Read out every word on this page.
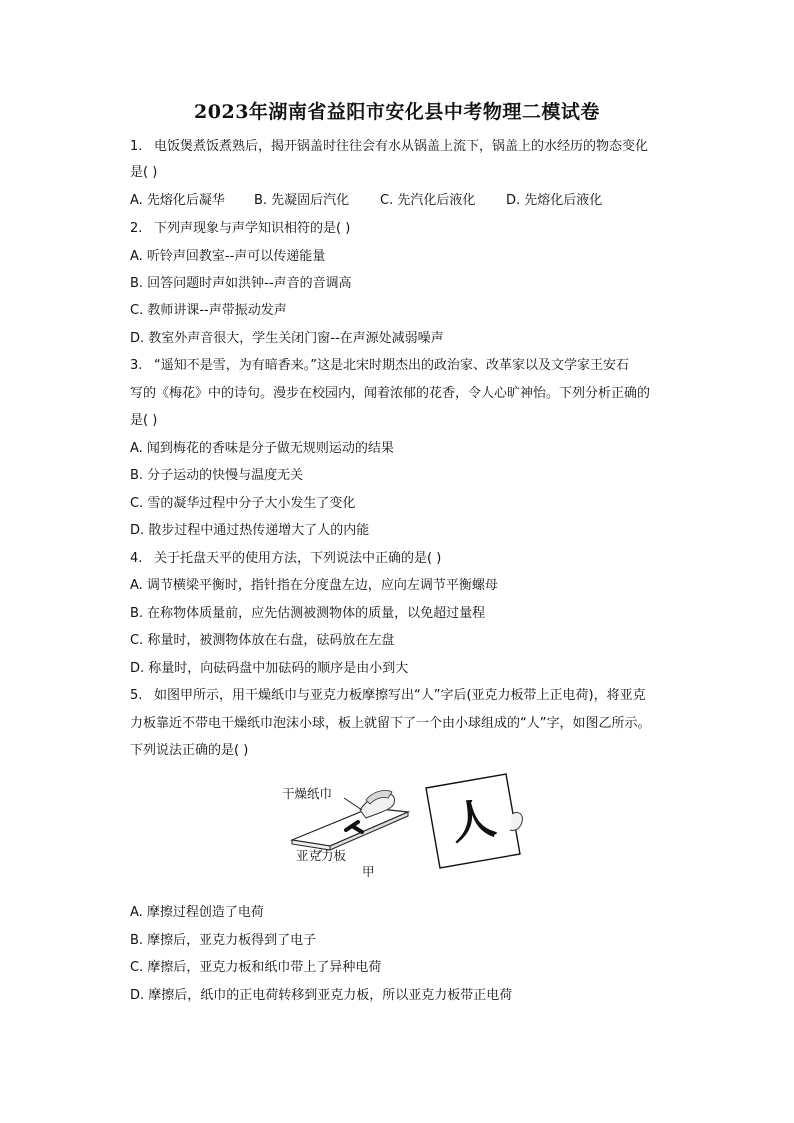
2023年湖南省益阳市安化县中考物理二模试卷
1. 电饭煲煮饭煮熟后，揭开锅盖时往往会有水从锅盖上流下，锅盖上的水经历的物态变化
是( )
A. 先熔化后凝华 B. 先凝固后汽化 C. 先汽化后液化 D. 先熔化后液化
2. 下列声现象与声学知识相符的是( )
A. 听铃声回教室--声可以传递能量
B. 回答问题时声如洪钟--声音的音调高
C. 教师讲课--声带振动发声
D. 教室外声音很大，学生关闭门窗--在声源处减弱噪声
3. “遥知不是雪，为有暗香来。”这是北宋时期杰出的政治家、改革家以及文学家王安石
写的《梅花》中的诗句。漫步在校园内，闻着浓郁的花香，令人心旷神怡。下列分析正确的
是( )
A. 闻到梅花的香味是分子做无规则运动的结果
B. 分子运动的快慢与温度无关
C. 雪的凝华过程中分子大小发生了变化
D. 散步过程中通过热传递增大了人的内能
4. 关于托盘天平的使用方法，下列说法中正确的是( )
A. 调节横梁平衡时，指针指在分度盘左边，应向左调节平衡螺母
B. 在称物体质量前，应先估测被测物体的质量，以免超过量程
C. 称量时，被测物体放在右盘，砝码放在左盘
D. 称量时，向砝码盘中加砝码的顺序是由小到大
5. 如图甲所示，用干燥纸巾与亚克力板摩擦写出“人”字后(亚克力板带上正电荷)，将亚克
力板靠近不带电干燥纸巾泡沫小球，板上就留下了一个由小球组成的“人”字，如图乙所示。
下列说法正确的是( )
人
干燥纸巾
亚克力板
甲
A. 摩擦过程创造了电荷
B. 摩擦后，亚克力板得到了电子
C. 摩擦后，亚克力板和纸巾带上了异种电荷
D. 摩擦后，纸巾的正电荷转移到亚克力板，所以亚克力板带正电荷
